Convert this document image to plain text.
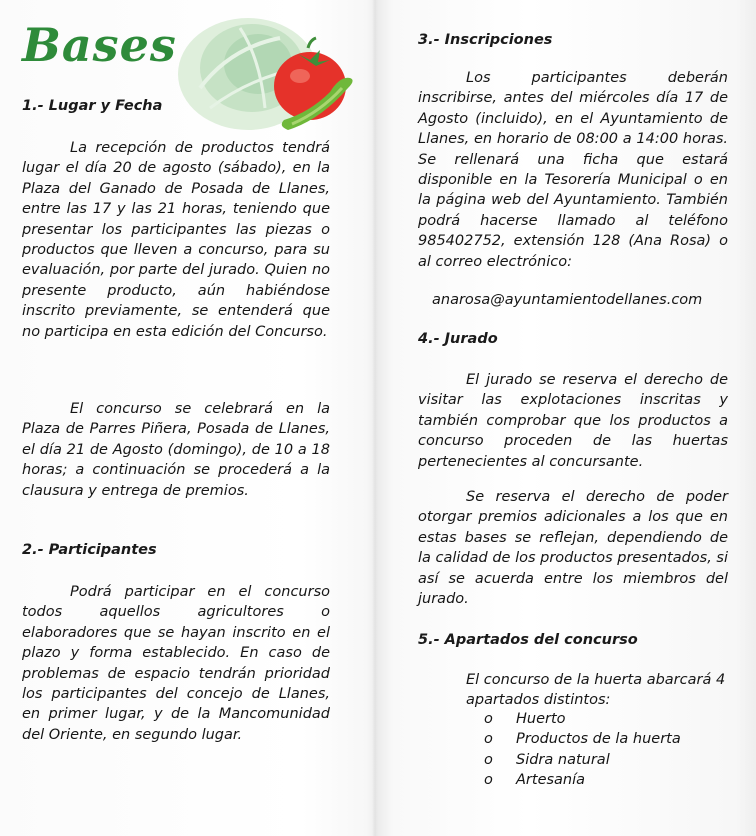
Bases
1.- Lugar y Fecha

La recepción de productos tendrá lugar el día 20 de agosto (sábado), en la Plaza del Ganado de Posada de Llanes, entre las 17 y las 21 horas, teniendo que presentar los participantes las piezas o productos que lleven a concurso, para su evaluación, por parte del jurado. Quien no presente producto, aún habiéndose inscrito previamente, se entenderá que no participa en esta edición del Concurso.

El concurso se celebrará en la Plaza de Parres Piñera, Posada de Llanes, el día 21 de Agosto (domingo), de 10 a 18 horas; a continuación se procederá a la clausura y entrega de premios.

2.- Participantes

Podrá participar en el concurso todos aquellos agricultores o elaboradores que se hayan inscrito en el plazo y forma establecido. En caso de problemas de espacio tendrán prioridad los participantes del concejo de Llanes, en primer lugar, y de la Mancomunidad del Oriente, en segundo lugar.

3.- Inscripciones

Los participantes deberán inscribirse, antes del miércoles día 17 de Agosto (incluido), en el Ayuntamiento de Llanes, en horario de 08:00 a 14:00 horas. Se rellenará una ficha que estará disponible en la Tesorería Municipal o en la página web del Ayuntamiento. También podrá hacerse llamado al teléfono 985402752, extensión 128 (Ana Rosa) o al correo electrónico:

anarosa@ayuntamientodellanes.com
4.- Jurado

El jurado se reserva el derecho de visitar las explotaciones inscritas y también comprobar que los productos a concurso proceden de las huertas pertenecientes al concursante.

Se reserva el derecho de poder otorgar premios adicionales a los que en estas bases se reflejan, dependiendo de la calidad de los productos presentados, si así se acuerda entre los miembros del jurado.

5.- Apartados del concurso

El concurso de la huerta abarcará 4 apartados distintos:

o Huerto
o Productos de la huerta
o Sidra natural
o Artesanía
